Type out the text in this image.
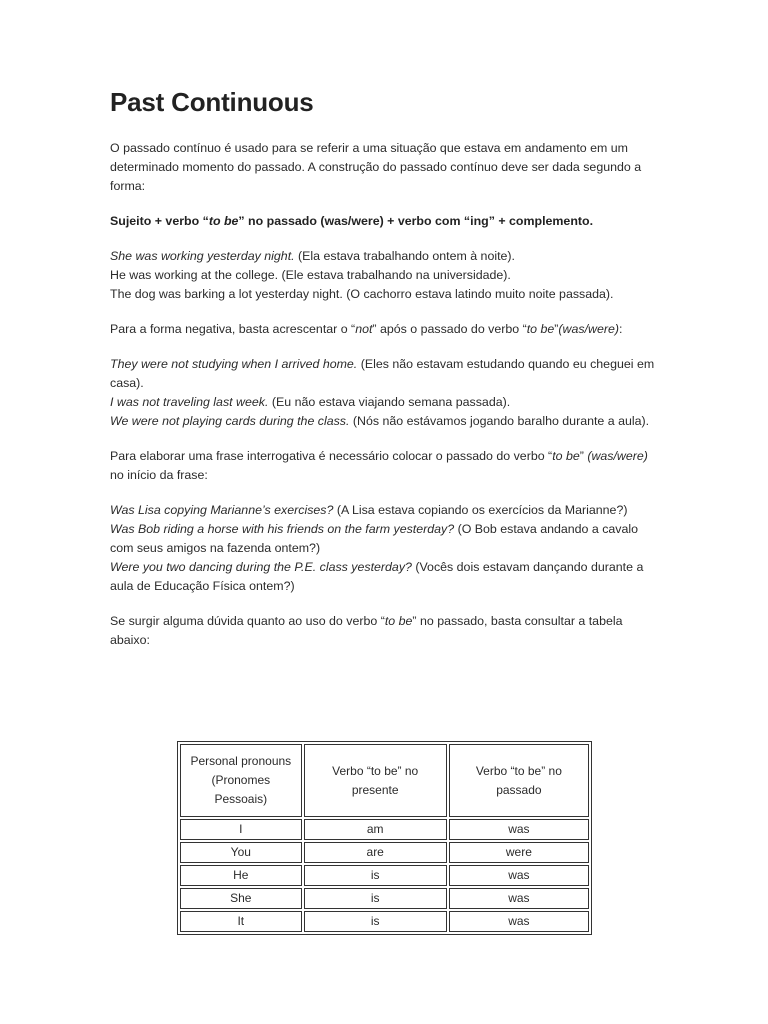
Past Continuous

O passado contínuo é usado para se referir a uma situação que estava em andamento em um determinado momento do passado. A construção do passado contínuo deve ser dada segundo a forma:

Sujeito + verbo “to be” no passado (was/were) + verbo com “ing” + complemento.

She was working yesterday night. (Ela estava trabalhando ontem à noite).

He was working at the college. (Ele estava trabalhando na universidade).

The dog was barking a lot yesterday night. (O cachorro estava latindo muito noite passada).

Para a forma negativa, basta acrescentar o “not” após o passado do verbo “to be”(was/were):

They were not studying when I arrived home. (Eles não estavam estudando quando eu cheguei em casa).

I was not traveling last week. (Eu não estava viajando semana passada).

We were not playing cards during the class. (Nós não estávamos jogando baralho durante a aula).

Para elaborar uma frase interrogativa é necessário colocar o passado do verbo “to be” (was/were) no início da frase:

Was Lisa copying Marianne’s exercises? (A Lisa estava copiando os exercícios da Marianne?)

Was Bob riding a horse with his friends on the farm yesterday? (O Bob estava andando a cavalo com seus amigos na fazenda ontem?)

Were you two dancing during the P.E. class yesterday? (Vocês dois estavam dançando durante a aula de Educação Física ontem?)

Se surgir alguma dúvida quanto ao uso do verbo “to be” no passado, basta consultar a tabela abaixo:

Personal pronouns (Pronomes Pessoais)	Verbo “to be” no presente	Verbo “to be” no passado
I	am	was
You	are	were
He	is	was
She	is	was
It	is	was
